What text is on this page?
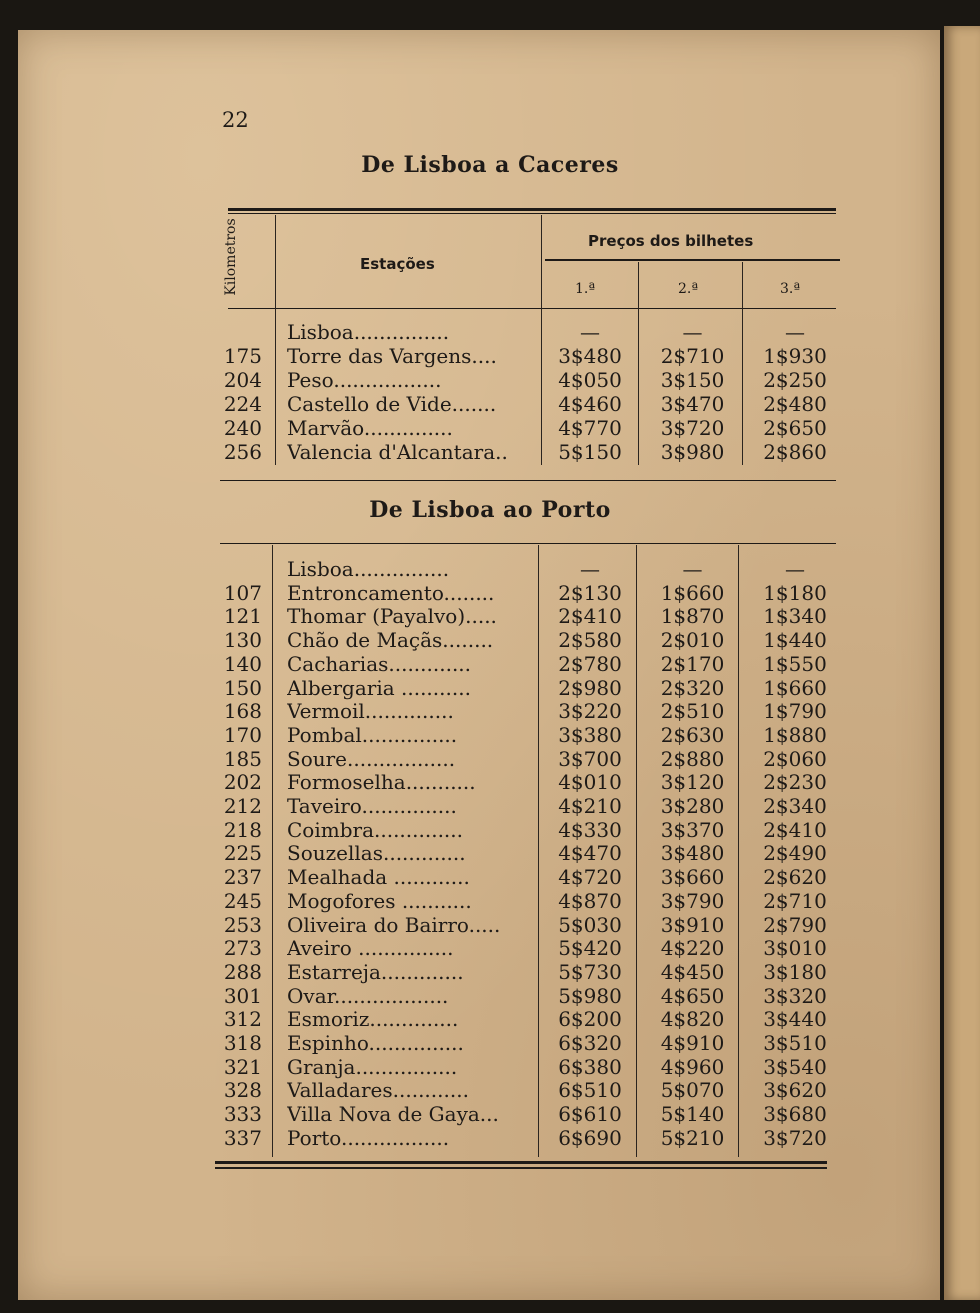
22
De Lisboa a Caceres
Kilometros	Estações
Preços dos bilhetes
1.ª	2.ª	3.ª
Lisboa...............	—	—	—
175 Torre das Vargens....	3$480	2$710	1$930
204 Peso.................	4$050	3$150	2$250
224 Castello de Vide.......	4$460	3$470	2$480
240 Marvão..............	4$770	3$720	2$650
256 Valencia d'Alcantara..	5$150	3$980	2$860
De Lisboa ao Porto
Lisboa...............	—	—	—
107 Entroncamento........	2$130	1$660	1$180
121 Thomar (Payalvo).....	2$410	1$870	1$340
130 Chão de Maçãs........	2$580	2$010	1$440
140 Cacharias.............	2$780	2$170	1$550
150 Albergaria ...........	2$980	2$320	1$660
168 Vermoil..............	3$220	2$510	1$790
170 Pombal...............	3$380	2$630	1$880
185 Soure.................	3$700	2$880	2$060
202 Formoselha...........	4$010	3$120	2$230
212 Taveiro...............	4$210	3$280	2$340
218 Coimbra..............	4$330	3$370	2$410
225 Souzellas.............	4$470	3$480	2$490
237 Mealhada ............	4$720	3$660	2$620
245 Mogofores ...........	4$870	3$790	2$710
253 Oliveira do Bairro.....	5$030	3$910	2$790
273 Aveiro ...............	5$420	4$220	3$010
288 Estarreja.............	5$730	4$450	3$180
301 Ovar..................	5$980	4$650	3$320
312 Esmoriz..............	6$200	4$820	3$440
318 Espinho...............	6$320	4$910	3$510
321 Granja................	6$380	4$960	3$540
328 Valladares............	6$510	5$070	3$620
333 Villa Nova de Gaya...	6$610	5$140	3$680
337 Porto.................	6$690	5$210	3$720
